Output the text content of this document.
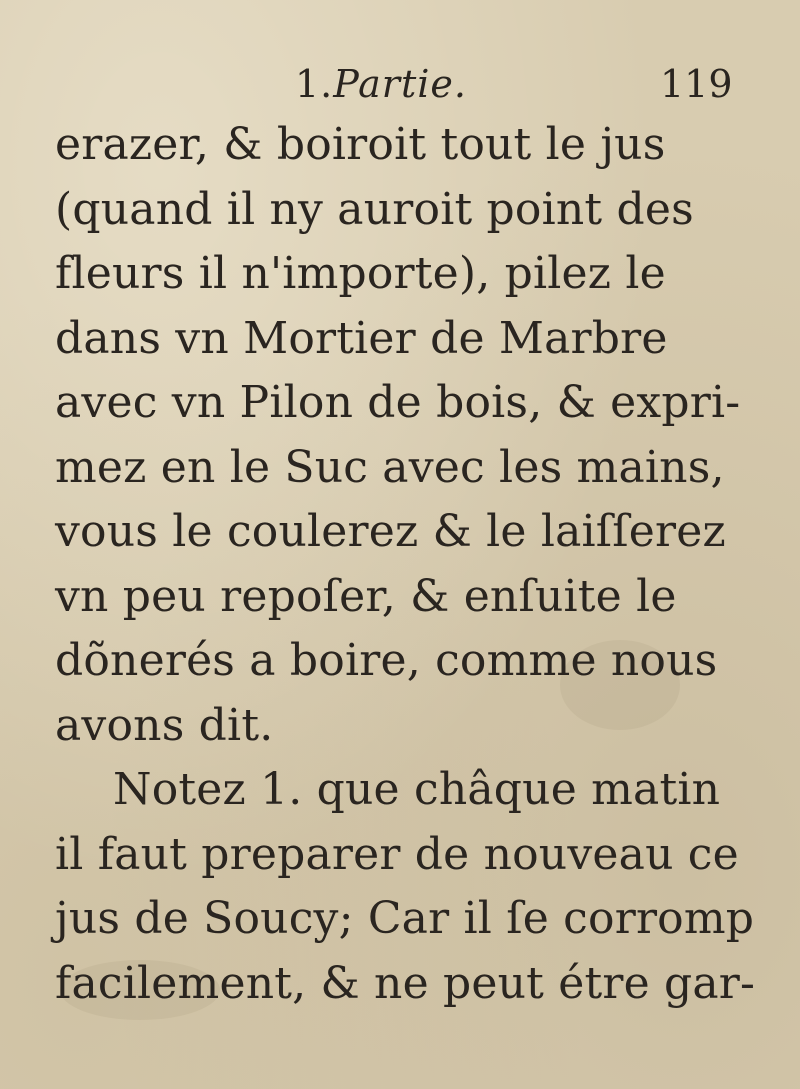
1.Partie.	119
erazer, & boiroit tout le jus
(quand il ny auroit point des
fleurs il n'importe), pilez le
dans vn Mortier de Marbre
avec vn Pilon de bois, & expri-
mez en le Suc avec les mains,
vous le coulerez & le laiſſerez
vn peu repoſer, & enſuite le
dõnerés a boire, comme nous
avons dit.
Notez 1. que châque matin
il faut preparer de nouveau ce
jus de Soucy; Car il ſe corromp
facilement, & ne peut étre gar-
